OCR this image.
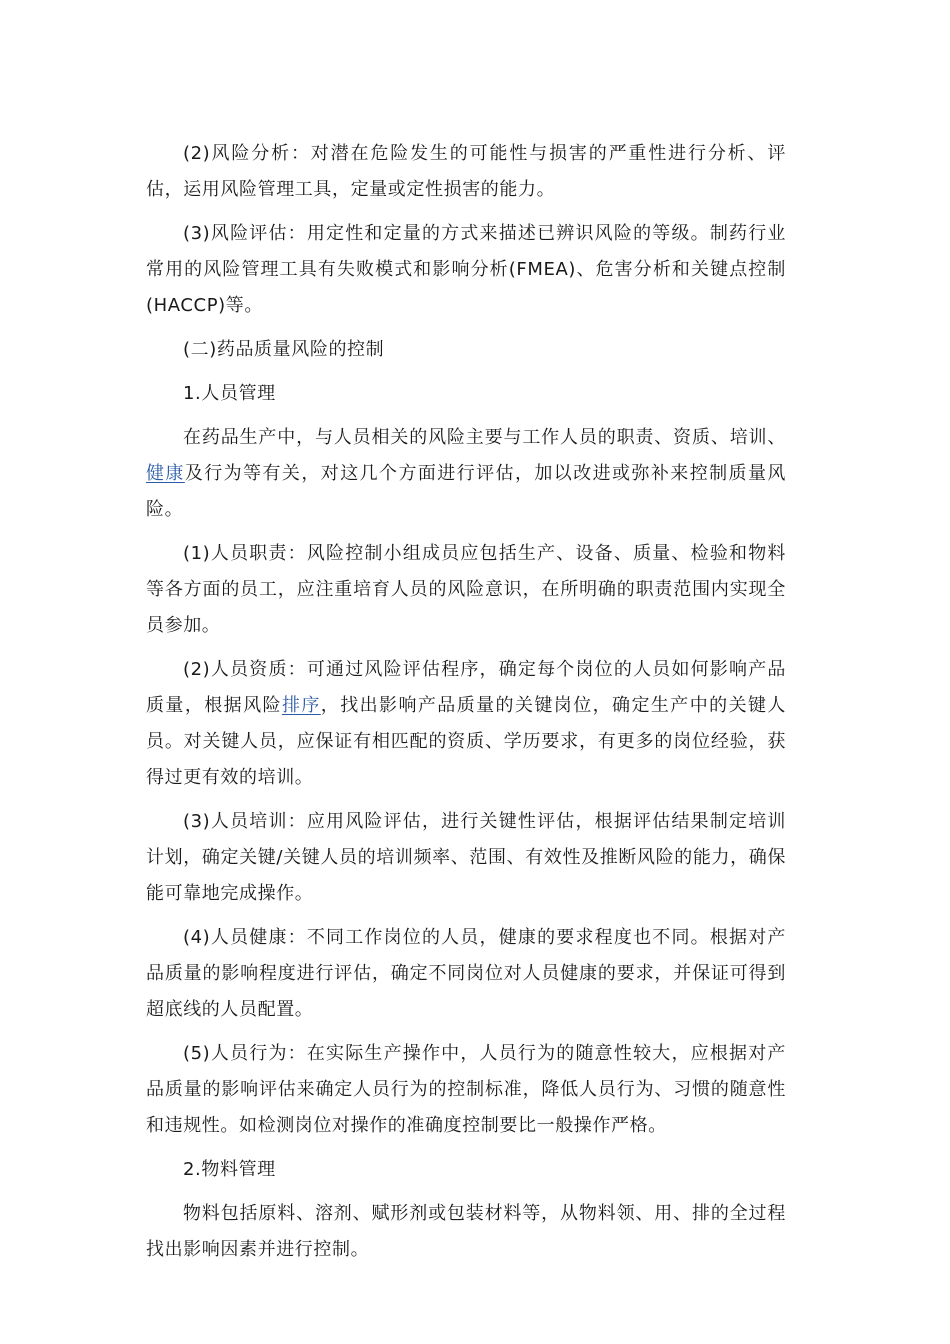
(2)风险分析：对潜在危险发生的可能性与损害的严重性进行分析、评估，运用风险管理工具，定量或定性损害的能力。

(3)风险评估：用定性和定量的方式来描述已辨识风险的等级。制药行业常用的风险管理工具有失败模式和影响分析(FMEA)、危害分析和关键点控制(HACCP)等。

(二)药品质量风险的控制

1.人员管理

在药品生产中，与人员相关的风险主要与工作人员的职责、资质、培训、健康及行为等有关，对这几个方面进行评估，加以改进或弥补来控制质量风险。

(1)人员职责：风险控制小组成员应包括生产、设备、质量、检验和物料等各方面的员工，应注重培育人员的风险意识，在所明确的职责范围内实现全员参加。

(2)人员资质：可通过风险评估程序，确定每个岗位的人员如何影响产品质量，根据风险排序，找出影响产品质量的关键岗位，确定生产中的关键人员。对关键人员，应保证有相匹配的资质、学历要求，有更多的岗位经验，获得过更有效的培训。

(3)人员培训：应用风险评估，进行关键性评估，根据评估结果制定培训计划，确定关键/关键人员的培训频率、范围、有效性及推断风险的能力，确保能可靠地完成操作。

(4)人员健康：不同工作岗位的人员，健康的要求程度也不同。根据对产品质量的影响程度进行评估，确定不同岗位对人员健康的要求，并保证可得到超底线的人员配置。

(5)人员行为：在实际生产操作中，人员行为的随意性较大，应根据对产品质量的影响评估来确定人员行为的控制标准，降低人员行为、习惯的随意性和违规性。如检测岗位对操作的准确度控制要比一般操作严格。

2.物料管理

物料包括原料、溶剂、赋形剂或包装材料等，从物料领、用、排的全过程找出影响因素并进行控制。
